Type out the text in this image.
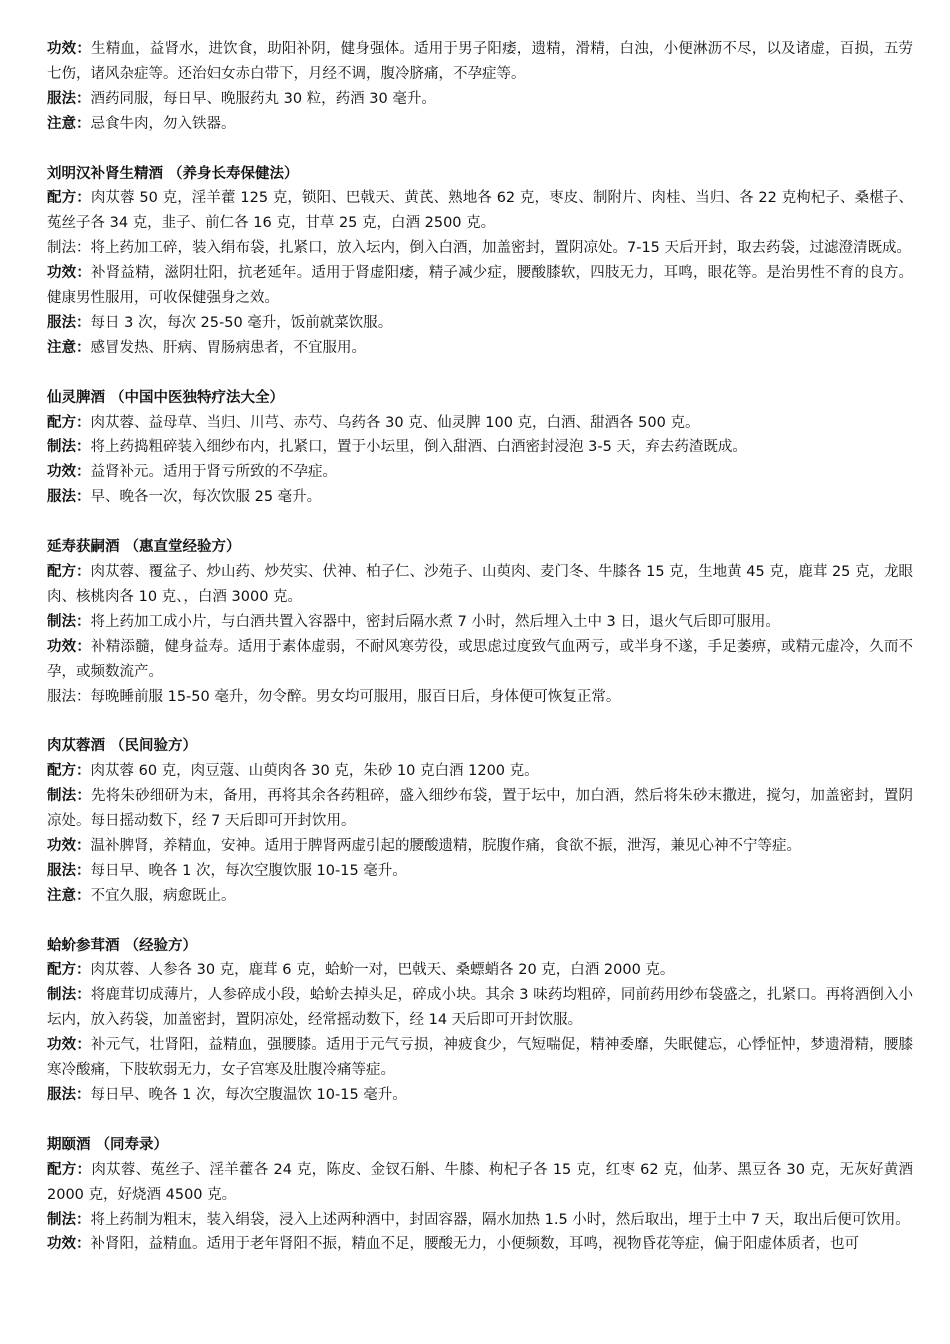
功效：生精血，益肾水，进饮食，助阳补阴，健身强体。适用于男子阳痿，遗精，滑精，白浊，小便淋沥不尽，以及诸虚，百损，五劳七伤，诸风杂症等。还治妇女赤白带下，月经不调，腹冷脐痛，不孕症等。

服法：酒药同服，每日早、晚服药丸 30 粒，药酒 30 毫升。

注意：忌食牛肉，勿入铁器。

刘明汉补肾生精酒 （养身长寿保健法）

配方：肉苁蓉 50 克，淫羊藿 125 克，锁阳、巴戟天、黄芪、熟地各 62 克，枣皮、制附片、肉桂、当归、各 22 克枸杞子、桑椹子、菟丝子各 34 克，韭子、前仁各 16 克，甘草 25 克，白酒 2500 克。

制法：将上药加工碎，装入绢布袋，扎紧口，放入坛内，倒入白酒，加盖密封，置阴凉处。7-15 天后开封，取去药袋，过滤澄清既成。

功效：补肾益精，滋阴壮阳，抗老延年。适用于肾虚阳痿，精子减少症，腰酸膝软，四肢无力，耳鸣，眼花等。是治男性不育的良方。健康男性服用，可收保健强身之效。

服法：每日 3 次，每次 25-50 毫升，饭前就菜饮服。

注意：感冒发热、肝病、胃肠病患者，不宜服用。

仙灵脾酒 （中国中医独特疗法大全）

配方：肉苁蓉、益母草、当归、川芎、赤芍、乌药各 30 克、仙灵脾 100 克，白酒、甜酒各 500 克。

制法：将上药捣粗碎装入细纱布内，扎紧口，置于小坛里，倒入甜酒、白酒密封浸泡 3-5 天，弃去药渣既成。

功效：益肾补元。适用于肾亏所致的不孕症。

服法：早、晚各一次，每次饮服 25 毫升。

延寿获嗣酒 （惠直堂经验方）

配方：肉苁蓉、覆盆子、炒山药、炒芡实、伏神、柏子仁、沙苑子、山萸肉、麦门冬、牛膝各 15 克，生地黄 45 克，鹿茸 25 克，龙眼肉、核桃肉各 10 克、，白酒 3000 克。

制法：将上药加工成小片，与白酒共置入容器中，密封后隔水煮 7 小时，然后埋入土中 3 日，退火气后即可服用。

功效：补精添髓，健身益寿。适用于素体虚弱，不耐风寒劳役，或思虑过度致气血两亏，或半身不遂，手足萎痹，或精元虚冷，久而不孕，或频数流产。

服法：每晚睡前服 15-50 毫升，勿令醉。男女均可服用，服百日后，身体便可恢复正常。

肉苁蓉酒 （民间验方）

配方：肉苁蓉 60 克，肉豆蔻、山萸肉各 30 克，朱砂 10 克白酒 1200 克。

制法：先将朱砂细研为末，备用，再将其余各药粗碎，盛入细纱布袋，置于坛中，加白酒，然后将朱砂末撒进，搅匀，加盖密封，置阴凉处。每日摇动数下，经 7 天后即可开封饮用。

功效：温补脾肾，养精血，安神。适用于脾肾两虚引起的腰酸遗精，脘腹作痛，食欲不振，泄泻，兼见心神不宁等症。

服法：每日早、晚各 1 次，每次空腹饮服 10-15 毫升。

注意：不宜久服，病愈既止。

蛤蚧参茸酒 （经验方）

配方：肉苁蓉、人参各 30 克，鹿茸 6 克，蛤蚧一对，巴戟天、桑螵蛸各 20 克，白酒 2000 克。

制法：将鹿茸切成薄片，人参碎成小段，蛤蚧去掉头足，碎成小块。其余 3 味药均粗碎，同前药用纱布袋盛之，扎紧口。再将酒倒入小坛内，放入药袋，加盖密封，置阴凉处，经常摇动数下，经 14 天后即可开封饮服。

功效：补元气，壮肾阳，益精血，强腰膝。适用于元气亏损，神疲食少，气短喘促，精神委靡，失眠健忘，心悸怔忡，梦遗滑精，腰膝寒冷酸痛，下肢软弱无力，女子宫寒及肚腹冷痛等症。

服法：每日早、晚各 1 次，每次空腹温饮 10-15 毫升。

期颐酒 （同寿录）

配方：肉苁蓉、菟丝子、淫羊藿各 24 克，陈皮、金钗石斛、牛膝、枸杞子各 15 克，红枣 62 克，仙茅、黑豆各 30 克，无灰好黄酒 2000 克，好烧酒 4500 克。

制法：将上药制为粗末，装入绢袋，浸入上述两种酒中，封固容器，隔水加热 1.5 小时，然后取出，埋于土中 7 天，取出后便可饮用。

功效：补肾阳，益精血。适用于老年肾阳不振，精血不足，腰酸无力，小便频数，耳鸣，视物昏花等症，偏于阳虚体质者，也可
